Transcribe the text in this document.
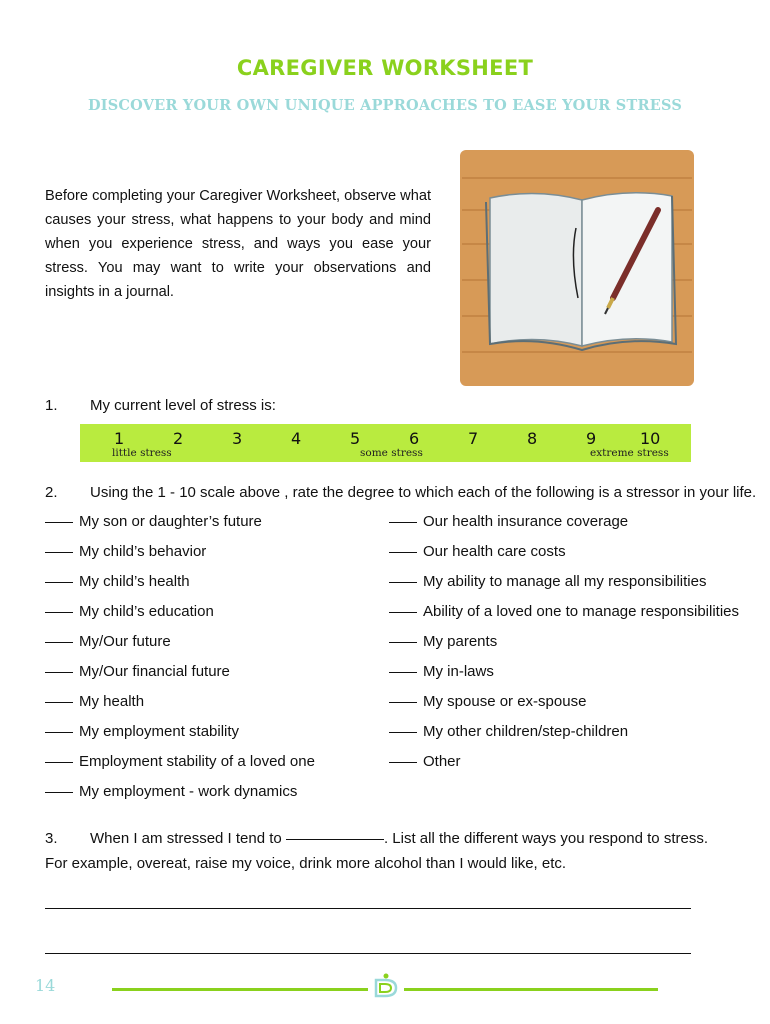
CAREGIVER WORKSHEET
DISCOVER YOUR OWN UNIQUE APPROACHES TO EASE YOUR STRESS
Before completing your Caregiver Worksheet, observe what causes your stress, what happens to your body and mind when you experience stress, and ways you ease your stress. You may want to write your observations and insights in a journal.
1. My current level of stress is:
1	2	3	4	5	6	7	8	9	10
little stress	some stress	extreme stress
2. Using the 1 - 10 scale above , rate the degree to which each of the following is a stressor in your life.
My son or daughter’s future
My child’s behavior
My child’s health
My child’s education
My/Our future
My/Our financial future
My health
My employment stability
Employment stability of a loved one
My employment - work dynamics
Our health insurance coverage
Our health care costs
My ability to manage all my responsibilities
Ability of a loved one to manage responsibilities
My parents
My in-laws
My spouse or ex-spouse
My other children/step-children
Other
3. When I am stressed I tend to	. List all the different ways you respond to stress. For example, overeat, raise my voice, drink more alcohol than I would like, etc.
14
